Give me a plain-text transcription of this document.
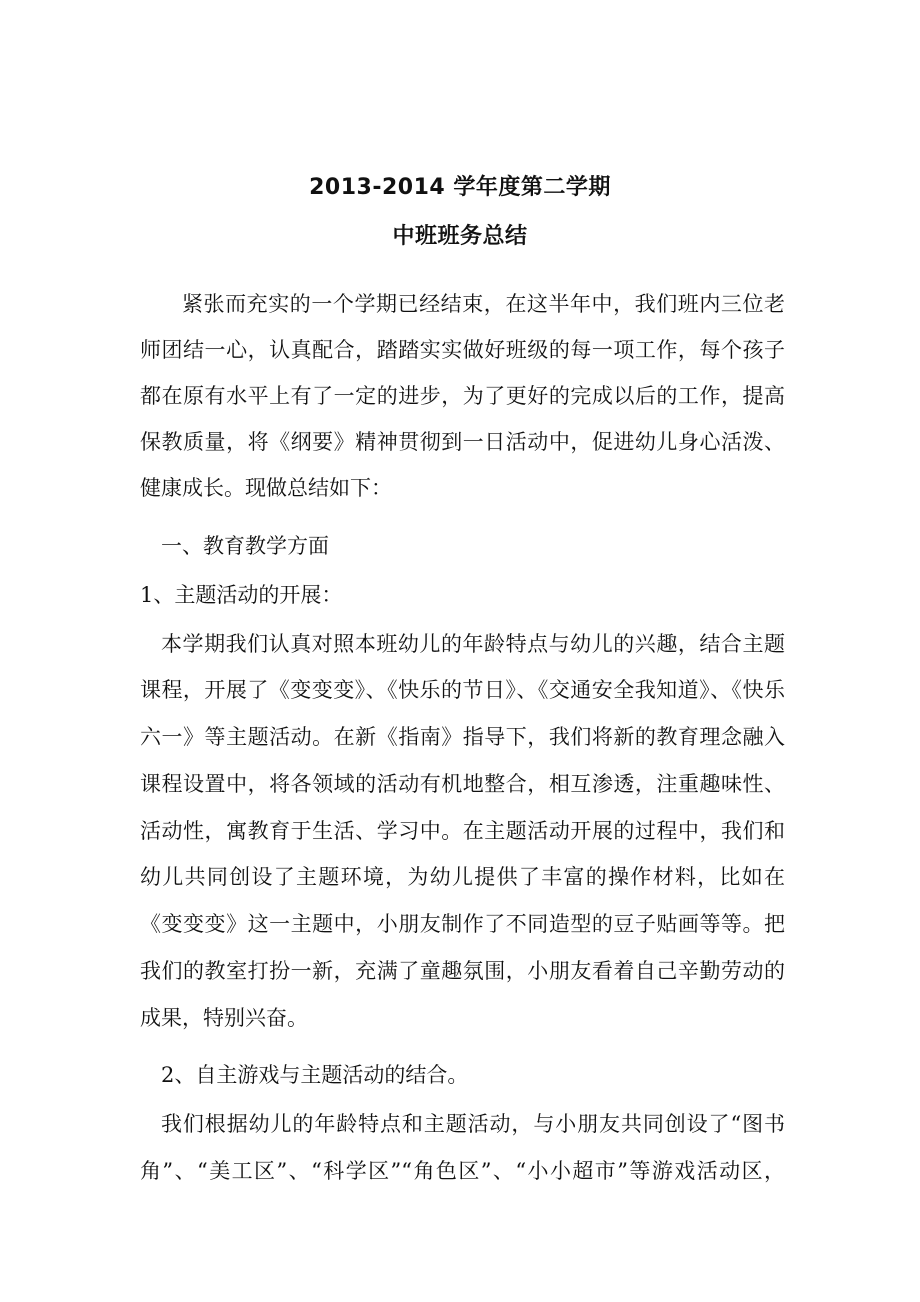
2013-2014 学年度第二学期
中班班务总结
紧张而充实的一个学期已经结束，在这半年中，我们班内三位老
师团结一心，认真配合，踏踏实实做好班级的每一项工作，每个孩子
都在原有水平上有了一定的进步，为了更好的完成以后的工作，提高
保教质量，将《纲要》精神贯彻到一日活动中，促进幼儿身心活泼、
健康成长。现做总结如下：
一、教育教学方面
1、主题活动的开展：
本学期我们认真对照本班幼儿的年龄特点与幼儿的兴趣，结合主题
课程，开展了《变变变》、《快乐的节日》、《交通安全我知道》、《快乐
六一》等主题活动。在新《指南》指导下，我们将新的教育理念融入
课程设置中，将各领域的活动有机地整合，相互渗透，注重趣味性、
活动性，寓教育于生活、学习中。在主题活动开展的过程中，我们和
幼儿共同创设了主题环境，为幼儿提供了丰富的操作材料，比如在
《变变变》这一主题中，小朋友制作了不同造型的豆子贴画等等。把
我们的教室打扮一新，充满了童趣氛围，小朋友看着自己辛勤劳动的
成果，特别兴奋。
2、自主游戏与主题活动的结合。
我们根据幼儿的年龄特点和主题活动，与小朋友共同创设了“图书
角”、“美工区”、“科学区”“角色区”、“小小超市”等游戏活动区，
